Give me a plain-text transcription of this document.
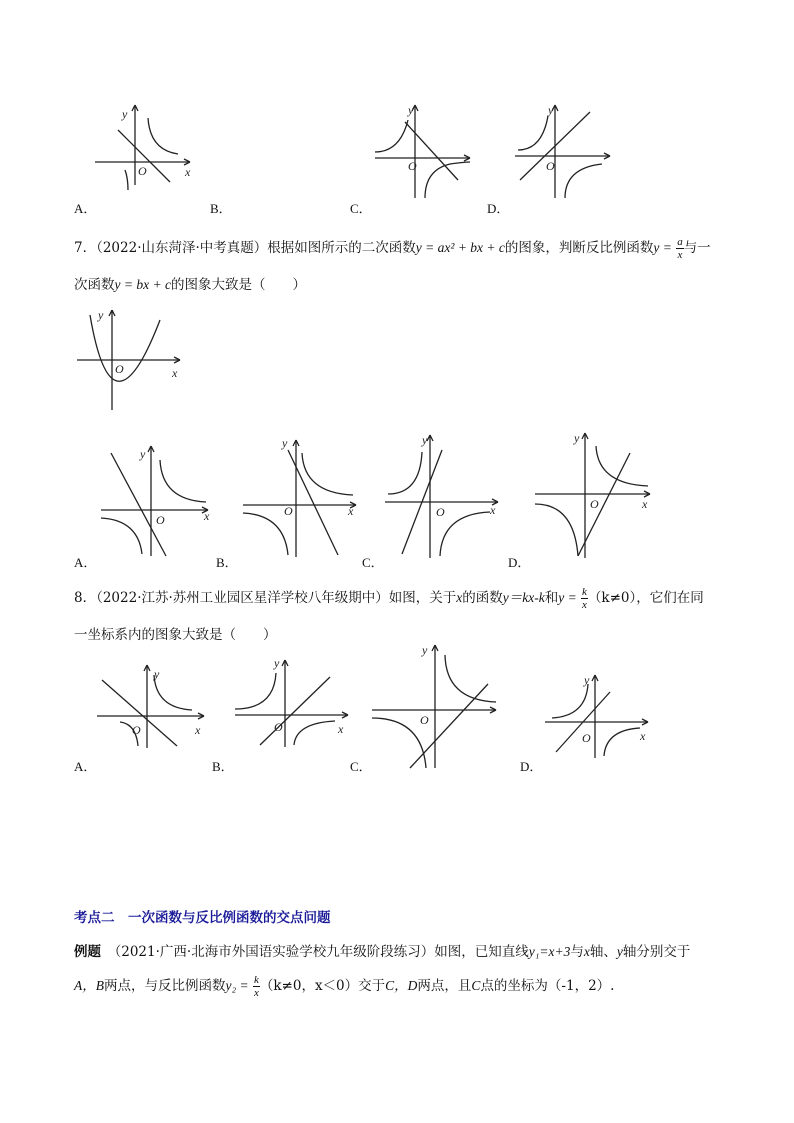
y
x
O
y
O
y
O
A．	B．	C．	D．
7．（2022·山东菏泽·中考真题）根据如图所示的二次函数y = ax² + bx + c的图象，判断反比例函数$y = \frac{a}{x}$ 与一
次函数y = bx + c的图象大致是（　　）
y
x
O
y
x
O
y
x
O
y
x
O
y
x
O
A．	B．	C．	D．
8．（2022·江苏·苏州工业园区星洋学校八年级期中）如图，关于x的函数y＝kx-k和$y = \frac{k}{x} (k\ne 0)$，它们在同
一坐标系内的图象大致是（　　）
y
x
O
y
x
O
y
O
y
x
O
A．	B．	C．	D．
考点二　一次函数与反比例函数的交点问题
例题　 （2021·广西·北海市外国语实验学校九年级阶段练习）如图，已知直线y₁=x+3与x轴、y轴分别交于
A，B两点，与反比例函数$y_2 = \frac{k}{x} (k\ne 0$，x＜0）交于C，D两点，且C点的坐标为（-1，2）.
